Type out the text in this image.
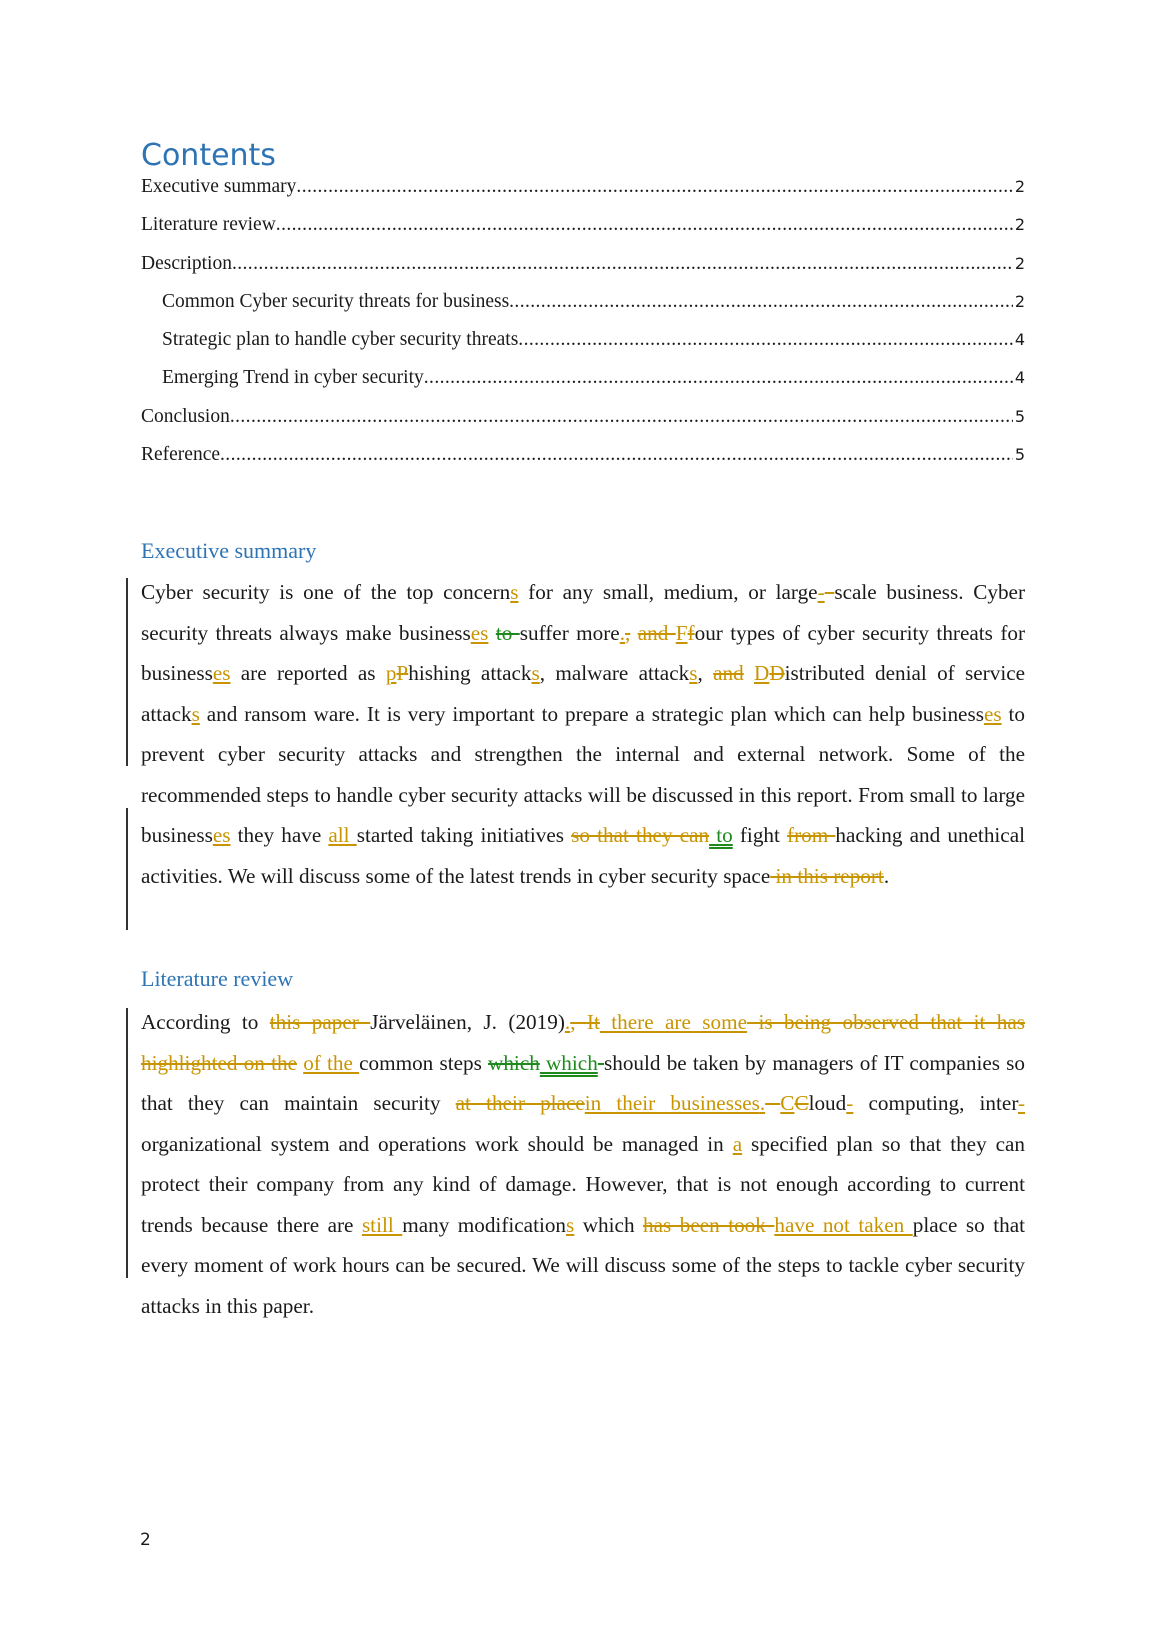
Contents
Executive summary .....	2
Literature review .....	2
Description .....	2
Common Cyber security threats for business .....	2
Strategic plan to handle cyber security threats .....	4
Emerging Trend in cyber security .....	4
Conclusion .....	5
Reference .....	5
Executive summary

Cyber security is one of the top concerns for any small, medium, or large- scale business. Cyber security threats always make businesses to suffer more., and Ffour types of cyber security threats for businesses are reported as pPhishing attacks, malware attacks, and DDistributed denial of service attacks and ransom ware. It is very important to prepare a strategic plan which can help businesses to prevent cyber security attacks and strengthen the internal and external network. Some of the recommended steps to handle cyber security attacks will be discussed in this report. From small to large businesses they have all started taking initiatives so that they can to fight from hacking and unethical activities. We will discuss some of the latest trends in cyber security space in this report.

Literature review

According to this paper Järveläinen, J. (2019)., It there are some is being observed that it has highlighted on the of the common steps which which should be taken by managers of IT companies so that they can maintain security at their placein their businesses. CCloud- computing, inter- organizational system and operations work should be managed in a specified plan so that they can protect their company from any kind of damage. However, that is not enough according to current trends because there are still many modifications which has been took have not taken place so that every moment of work hours can be secured. We will discuss some of the steps to tackle cyber security attacks in this paper.

2
